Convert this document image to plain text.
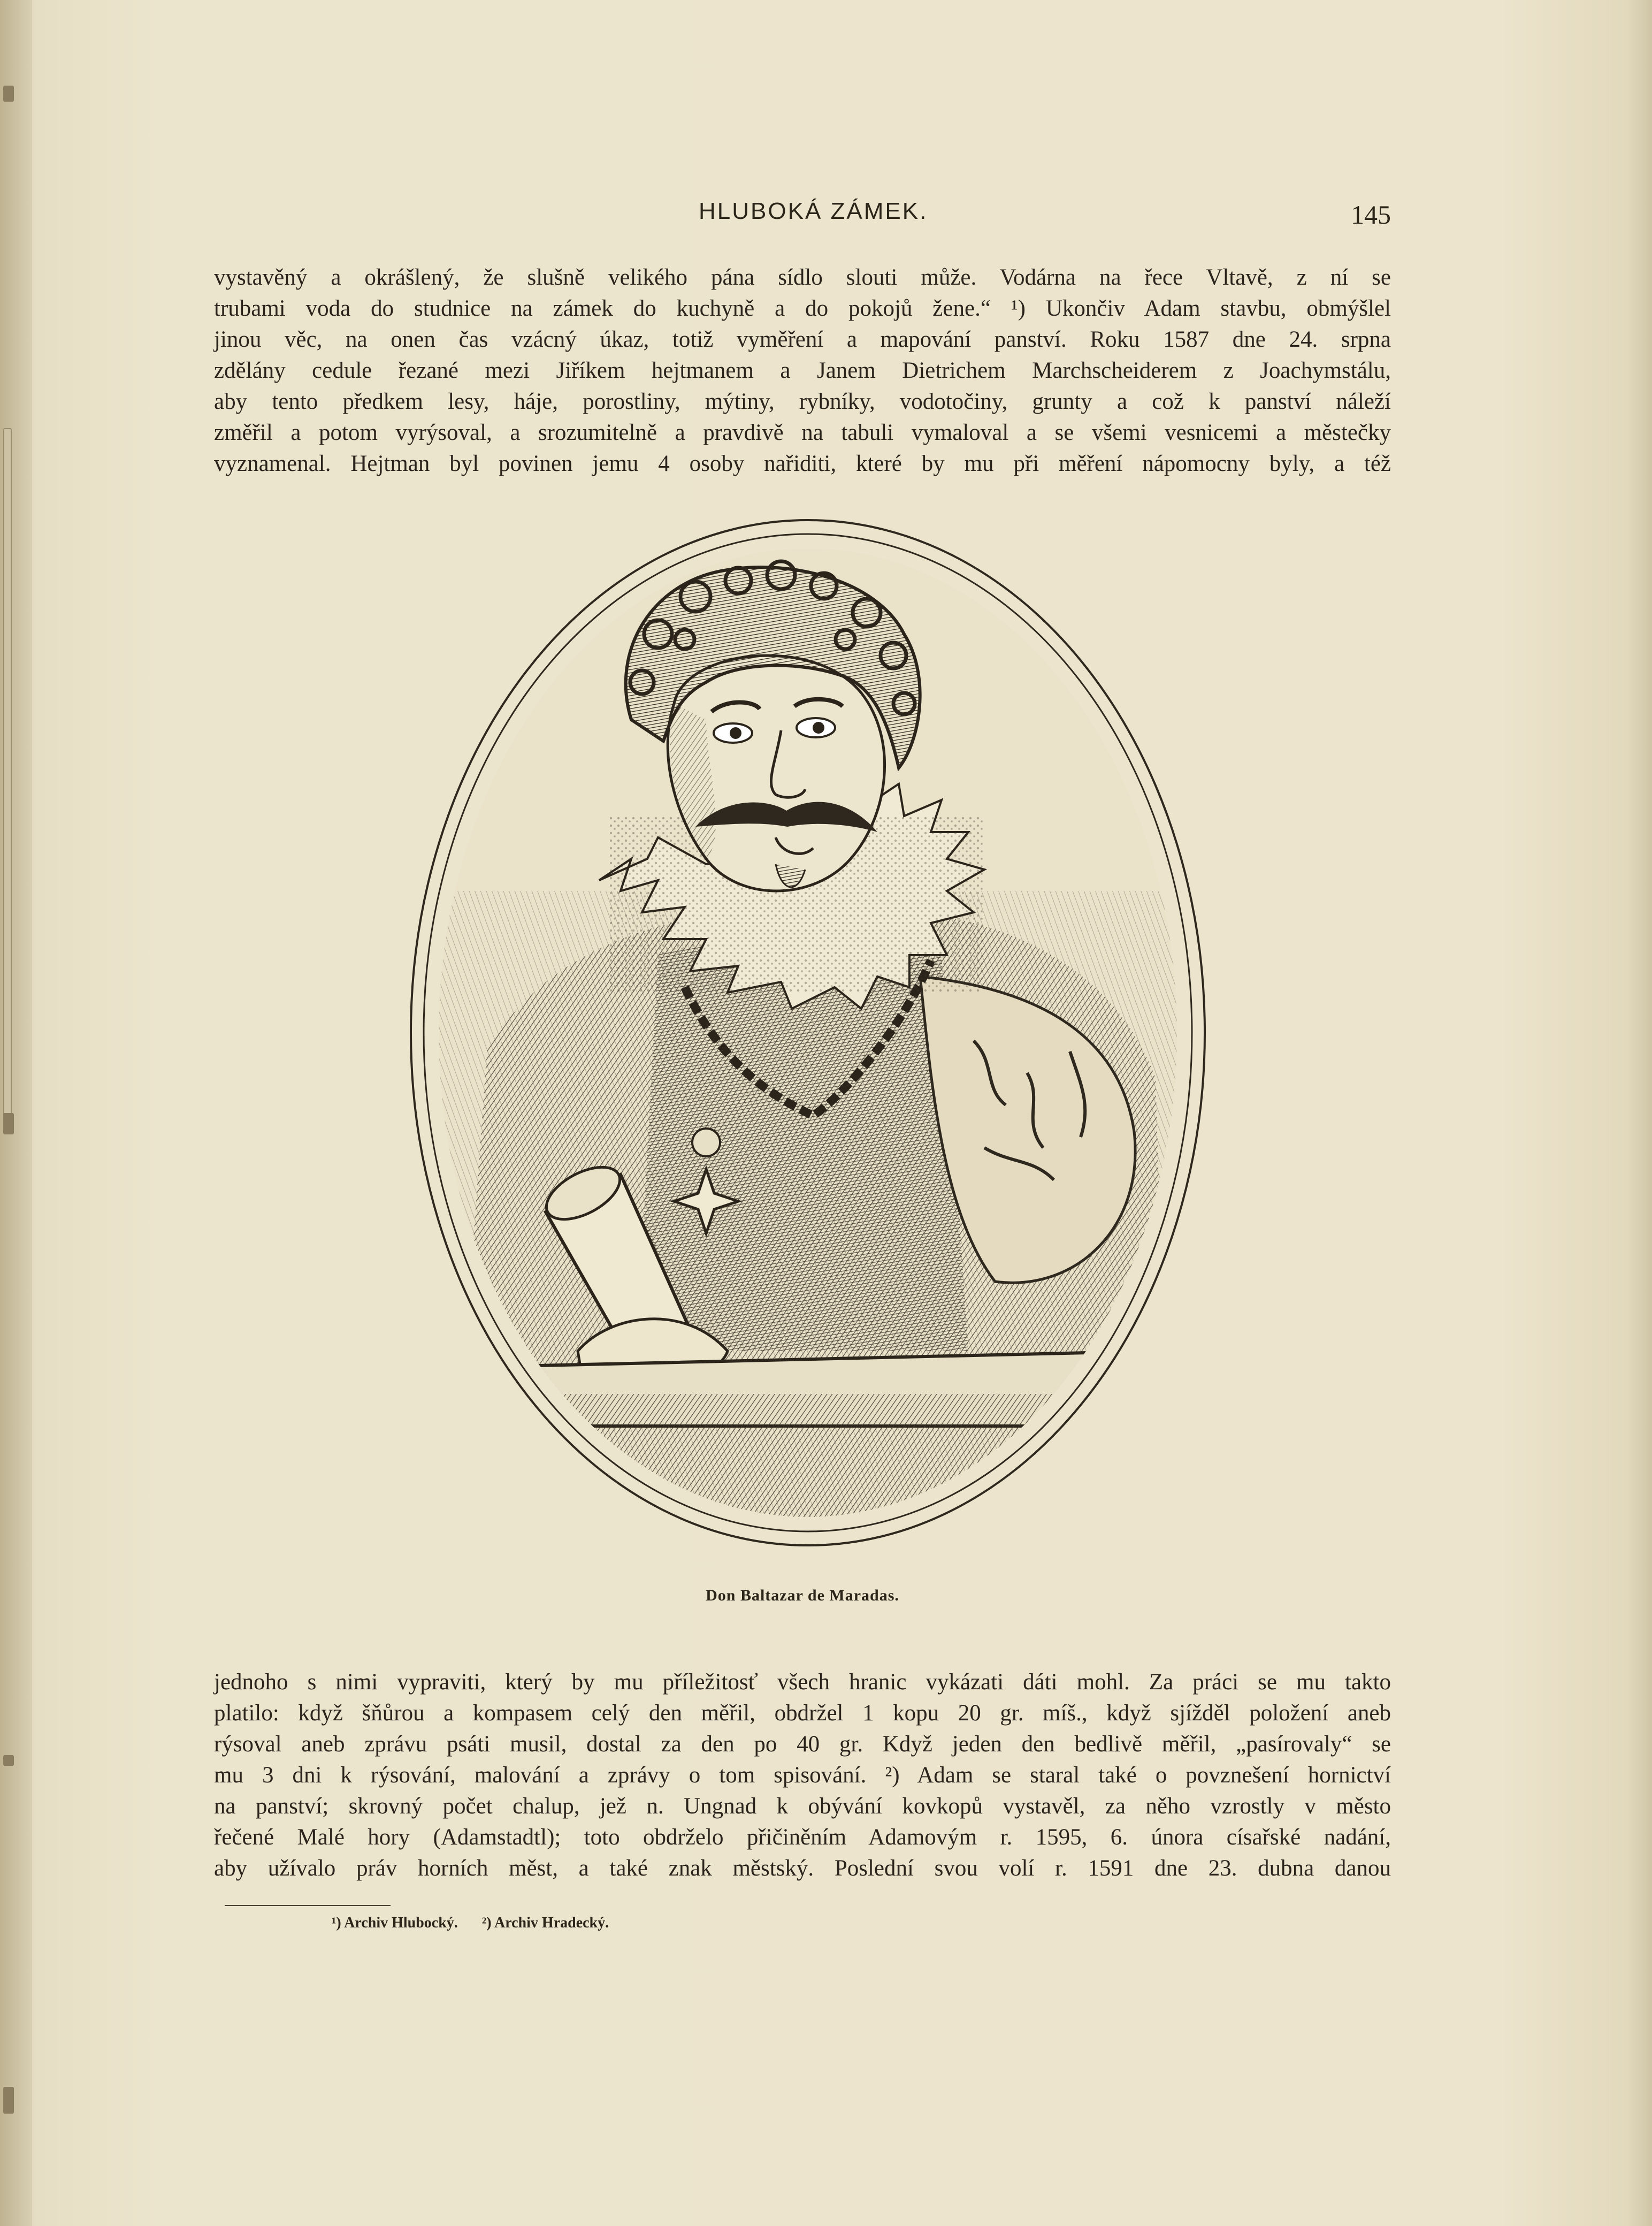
HLUBOKÁ ZÁMEK.	145
vystavěný a okrášlený, že slušně velikého pána sídlo slouti může. Vodárna na řece Vltavě, z ní se
trubami voda do studnice na zámek do kuchyně a do pokojů žene.“ ¹) Ukončiv Adam stavbu, obmýšlel
jinou věc, na onen čas vzácný úkaz, totiž vyměření a mapování panství. Roku 1587 dne 24. srpna
zdělány cedule řezané mezi Jiříkem hejtmanem a Janem Dietrichem Marchscheiderem z Joachymstálu,
aby tento předkem lesy, háje, porostliny, mýtiny, rybníky, vodotočiny, grunty a což k panství náleží
změřil a potom vyrýsoval, a srozumitelně a pravdivě na tabuli vymaloval a se všemi vesnicemi a městečky
vyznamenal. Hejtman byl povinen jemu 4 osoby nařiditi, které by mu při měření nápomocny byly, a též
Don Baltazar de Maradas.
jednoho s nimi vypraviti, který by mu příležitosť všech hranic vykázati dáti mohl. Za práci se mu takto
platilo: když šňůrou a kompasem celý den měřil, obdržel 1 kopu 20 gr. míš., když sjížděl položení aneb
rýsoval aneb zprávu psáti musil, dostal za den po 40 gr. Když jeden den bedlivě měřil, „pasírovaly“ se
mu 3 dni k rýsování, malování a zprávy o tom spisování. ²) Adam se staral také o povznešení hornictví
na panství; skrovný počet chalup, jež n. Ungnad k obývání kovkopů vystavěl, za něho vzrostly v město
řečené Malé hory (Adamstadtl); toto obdrželo přičiněním Adamovým r. 1595, 6. února císařské nadání,
aby užívalo práv horních měst, a také znak městský. Poslední svou volí r. 1591 dne 23. dubna danou
¹) Archiv Hlubocký. ²) Archiv Hradecký.
